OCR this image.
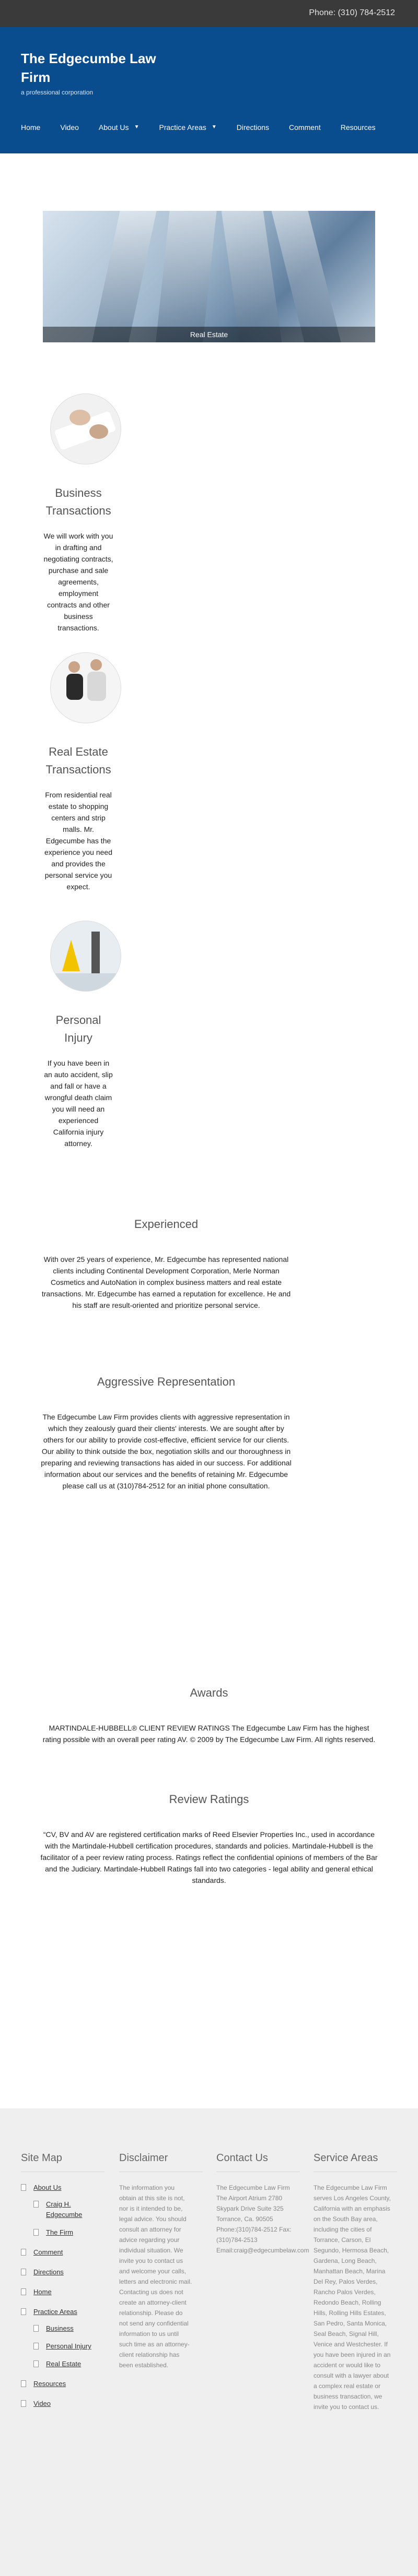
Phone: (310) 784-2512
The Edgecumbe Law Firm
a professional corporation
Home	Video	About Us ▼	Practice Areas ▼	Directions	Comment	Resources
Real Estate
Business Transactions
We will work with you in drafting and negotiating contracts, purchase and sale agreements, employment contracts and other business transactions.
Real Estate Transactions
From residential real estate to shopping centers and strip malls. Mr. Edgecumbe has the experience you need and provides the personal service you expect.
Personal Injury
If you have been in an auto accident, slip and fall or have a wrongful death claim you will need an experienced California injury attorney.
Experienced

With over 25 years of experience, Mr. Edgecumbe has represented national clients including Continental Development Corporation, Merle Norman Cosmetics and AutoNation in complex business matters and real estate transactions. Mr. Edgecumbe has earned a reputation for excellence. He and his staff are result-oriented and prioritize personal service.

Aggressive Representation

The Edgecumbe Law Firm provides clients with aggressive representation in which they zealously guard their clients' interests. We are sought after by others for our ability to provide cost-effective, efficient service for our clients. Our ability to think outside the box, negotiation skills and our thoroughness in preparing and reviewing transactions has aided in our success. For additional information about our services and the benefits of retaining Mr. Edgecumbe please call us at (310)784-2512 for an initial phone consultation.

Awards

MARTINDALE-HUBBELL® CLIENT REVIEW RATINGS The Edgecumbe Law Firm has the highest rating possible with an overall peer rating AV. © 2009 by The Edgecumbe Law Firm. All rights reserved.

Review Ratings

“CV, BV and AV are registered certification marks of Reed Elsevier Properties Inc., used in accordance with the Martindale-Hubbell certification procedures, standards and policies. Martindale-Hubbell is the facilitator of a peer review rating process. Ratings reflect the confidential opinions of members of the Bar and the Judiciary. Martindale-Hubbell Ratings fall into two categories - legal ability and general ethical standards.

Site Map
About Us
Craig H. Edgecumbe
The Firm
Comment
Directions
Home
Practice Areas
Business
Personal Injury
Real Estate
Resources
Video
Disclaimer

The information you obtain at this site is not, nor is it intended to be, legal advice. You should consult an attorney for advice regarding your individual situation. We invite you to contact us and welcome your calls, letters and electronic mail. Contacting us does not create an attorney-client relationship. Please do not send any confidential information to us until such time as an attorney-client relationship has been established.

Contact Us

The Edgecumbe Law Firm The Airport Atrium 2780 Skypark Drive Suite 325 Torrance, Ca. 90505 Phone:(310)784-2512 Fax:(310)784-2513 Email:craig@edgecumbelaw.com

Service Areas

The Edgecumbe Law Firm serves Los Angeles County, California with an emphasis on the South Bay area, including the cities of Torrance, Carson, El Segundo, Hermosa Beach, Gardena, Long Beach, Manhattan Beach, Marina Del Rey, Palos Verdes, Rancho Palos Verdes, Redondo Beach, Rolling Hills, Rolling Hills Estates, San Pedro, Santa Monica, Seal Beach, Signal Hill, Venice and Westchester. If you have been injured in an accident or would like to consult with a lawyer about a complex real estate or business transaction, we invite you to contact us.
